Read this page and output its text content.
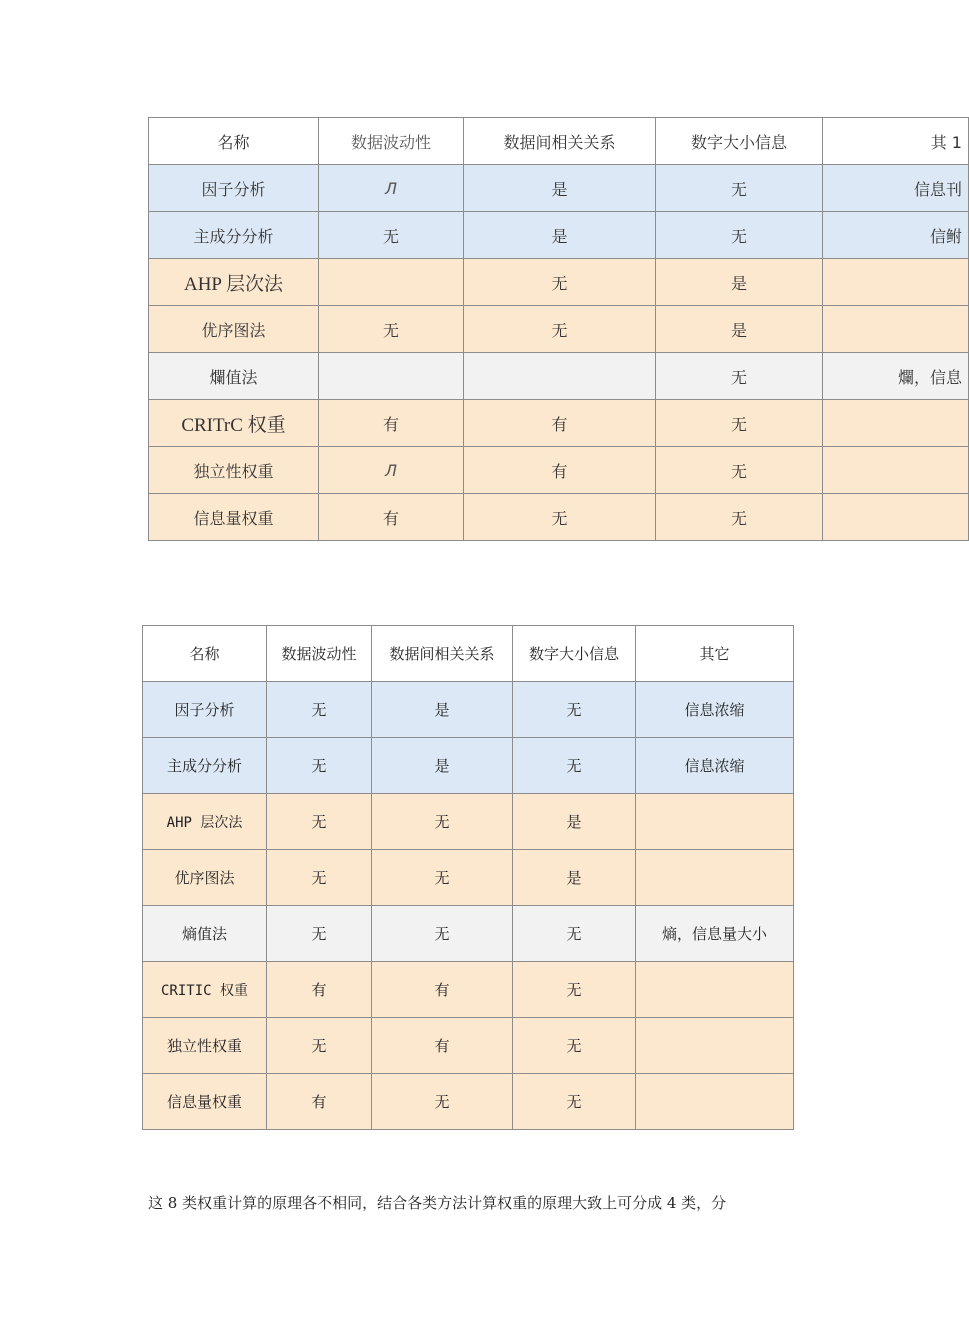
名称	数据波动性	数据间相关关系	数字大小信息	其 1
因子分析	Л	是	无	信息刊
主成分分析	无	是	无	信鲋
AHP 层次法		无	是	
优序图法	无	无	是	
爛值法			无	爛，信息
CRITrC 权重	有	有	无	
独立性权重	Л	有	无	
信息量权重	有	无	无	
名称	数据波动性	数据间相关关系	数字大小信息	其它
因子分析	无	是	无	信息浓缩
主成分分析	无	是	无	信息浓缩
AHP 层次法	无	无	是	
优序图法	无	无	是	
熵值法	无	无	无	熵，信息量大小
CRITIC 权重	有	有	无	
独立性权重	无	有	无	
信息量权重	有	无	无	

这 8 类权重计算的原理各不相同，结合各类方法计算权重的原理大致上可分成 4 类，分
